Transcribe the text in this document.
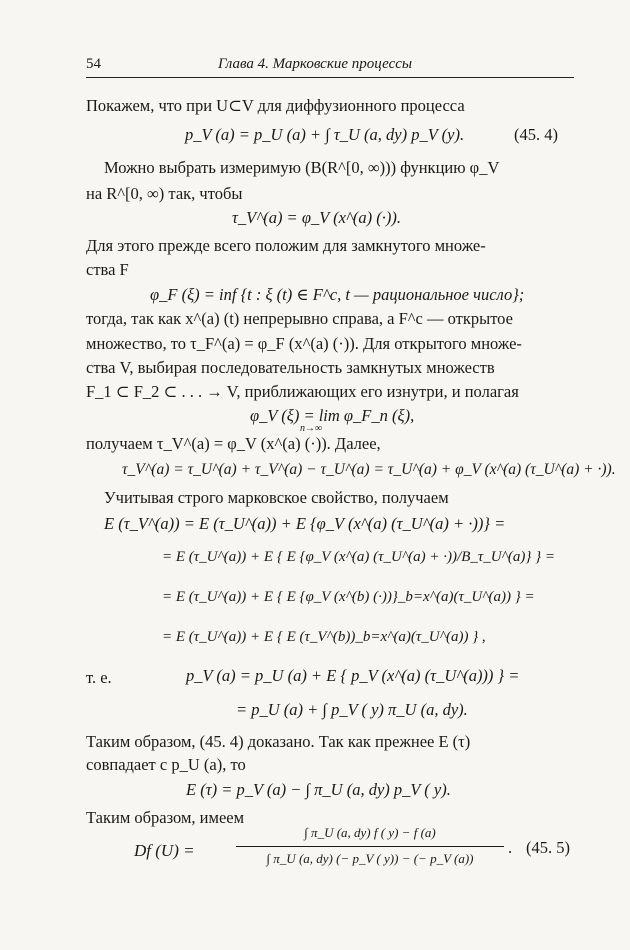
54	Глава 4. Марковские процессы
Покажем, что при U⊂V для диффузионного процесса
p_V (a) = p_U (a) + ∫ τ_U (a, dy) p_V (y).	(45. 4)
Можно выбрать измеримую (B(R^[0, ∞))) функцию φ_V
на R^[0, ∞) так, чтобы
τ_V^(a) = φ_V (x^(a) (·)).
Для этого прежде всего положим для замкнутого множе-
ства F
φ_F (ξ) = inf {t : ξ (t) ∈ F^c, t — рациональное число};
тогда, так как x^(a) (t) непрерывно справа, а F^c — открытое
множество, то τ_F^(a) = φ_F (x^(a) (·)). Для открытого множе-
ства V, выбирая последовательность замкнутых множеств
F_1 ⊂ F_2 ⊂ . . . → V, приближающих его изнутри, и полагая
φ_V (ξ) = lim φ_F_n (ξ),
n→∞
получаем τ_V^(a) = φ_V (x^(a) (·)). Далее,
τ_V^(a) = τ_U^(a) + τ_V^(a) − τ_U^(a) = τ_U^(a) + φ_V (x^(a) (τ_U^(a) + ·)).
Учитывая строго марковское свойство, получаем
E (τ_V^(a)) = E (τ_U^(a)) + E {φ_V (x^(a) (τ_U^(a) + ·))} =
= E (τ_U^(a)) + E { E {φ_V (x^(a) (τ_U^(a) + ·))/B_τ_U^(a)} } =
= E (τ_U^(a)) + E { E {φ_V (x^(b) (·))}_b=x^(a)(τ_U^(a)) } =
= E (τ_U^(a)) + E { E (τ_V^(b))_b=x^(a)(τ_U^(a)) } ,
т. е.	p_V (a) = p_U (a) + E { p_V (x^(a) (τ_U^(a))) } =
= p_U (a) + ∫ p_V ( y) π_U (a, dy).
Таким образом, (45. 4) доказано. Так как прежнее E (τ)
совпадает с p_U (a), то
E (τ) = p_V (a) − ∫ π_U (a, dy) p_V ( y).
Таким образом, имеем
Df (U) =
∫ π_U (a, dy) f ( y) − f (a)
∫ π_U (a, dy) (− p_V ( y)) − (− p_V (a))
. (45. 5)
